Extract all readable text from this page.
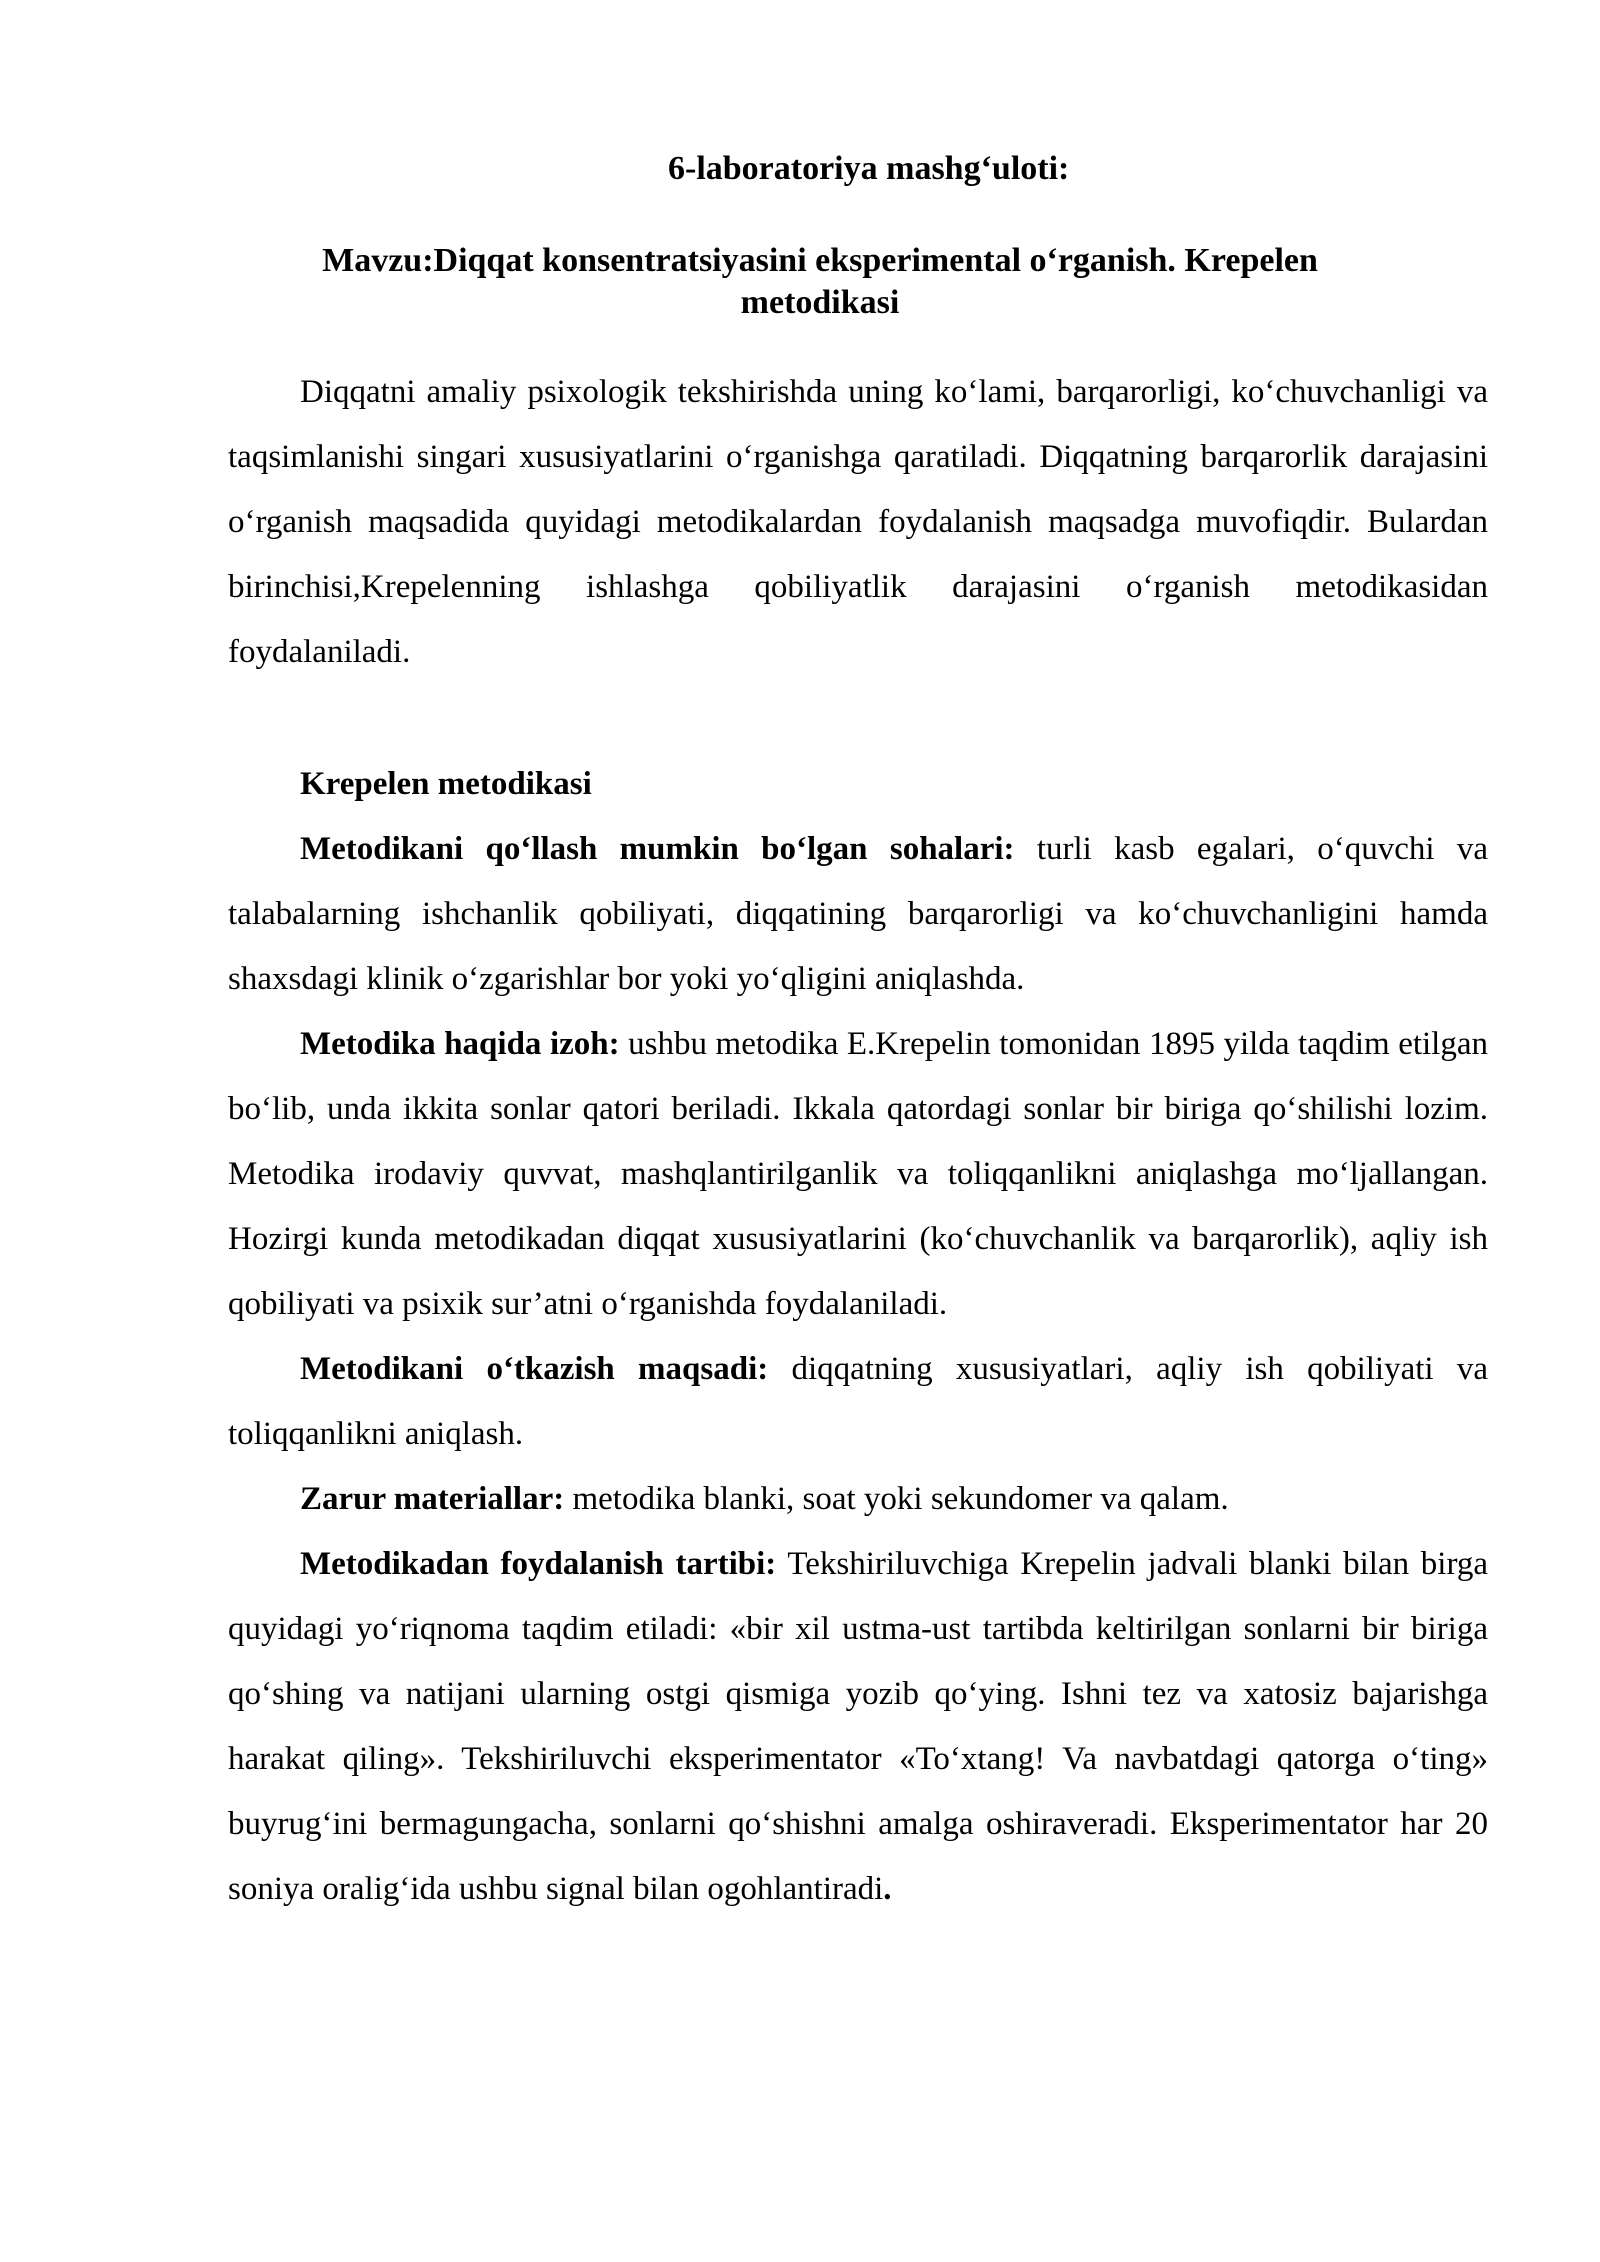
6-laboratoriya mashg‘uloti:
Mavzu:Diqqat konsentratsiyasini eksperimental o‘rganish. Krepelen metodikasi

Diqqatni amaliy psixologik tekshirishda uning ko‘lami, barqarorligi, ko‘chuvchanligi va taqsimlanishi singari xususiyatlarini o‘rganishga qaratiladi. Diqqatning barqarorlik darajasini o‘rganish maqsadida quyidagi metodikalardan foydalanish maqsadga muvofiqdir. Bulardan birinchisi,Krepelenning ishlashga qobiliyatlik darajasini o‘rganish metodikasidan foydalaniladi.

Krepelen metodikasi

Metodikani qo‘llash mumkin bo‘lgan sohalari: turli kasb egalari, o‘quvchi va talabalarning ishchanlik qobiliyati, diqqatining barqarorligi va ko‘chuvchanligini hamda shaxsdagi klinik o‘zgarishlar bor yoki yo‘qligini aniqlashda.

Metodika haqida izoh: ushbu metodika E.Krepelin tomonidan 1895 yilda taqdim etilgan bo‘lib, unda ikkita sonlar qatori beriladi. Ikkala qatordagi sonlar bir biriga qo‘shilishi lozim. Metodika irodaviy quvvat, mashqlantirilganlik va toliqqanlikni aniqlashga mo‘ljallangan. Hozirgi kunda metodikadan diqqat xususiyatlarini (ko‘chuvchanlik va barqarorlik), aqliy ish qobiliyati va psixik sur’atni o‘rganishda foydalaniladi.

Metodikani o‘tkazish maqsadi: diqqatning xususiyatlari, aqliy ish qobiliyati va toliqqanlikni aniqlash.

Zarur materiallar: metodika blanki, soat yoki sekundomer va qalam.

Metodikadan foydalanish tartibi: Tekshiriluvchiga Krepelin jadvali blanki bilan birga quyidagi yo‘riqnoma taqdim etiladi: «bir xil ustma-ust tartibda keltirilgan sonlarni bir biriga qo‘shing va natijani ularning ostgi qismiga yozib qo‘ying. Ishni tez va xatosiz bajarishga harakat qiling». Tekshiriluvchi eksperimentator «To‘xtang! Va navbatdagi qatorga o‘ting» buyrug‘ini bermagungacha, sonlarni qo‘shishni amalga oshiraveradi. Eksperimentator har 20 soniya oralig‘ida ushbu signal bilan ogohlantiradi.
